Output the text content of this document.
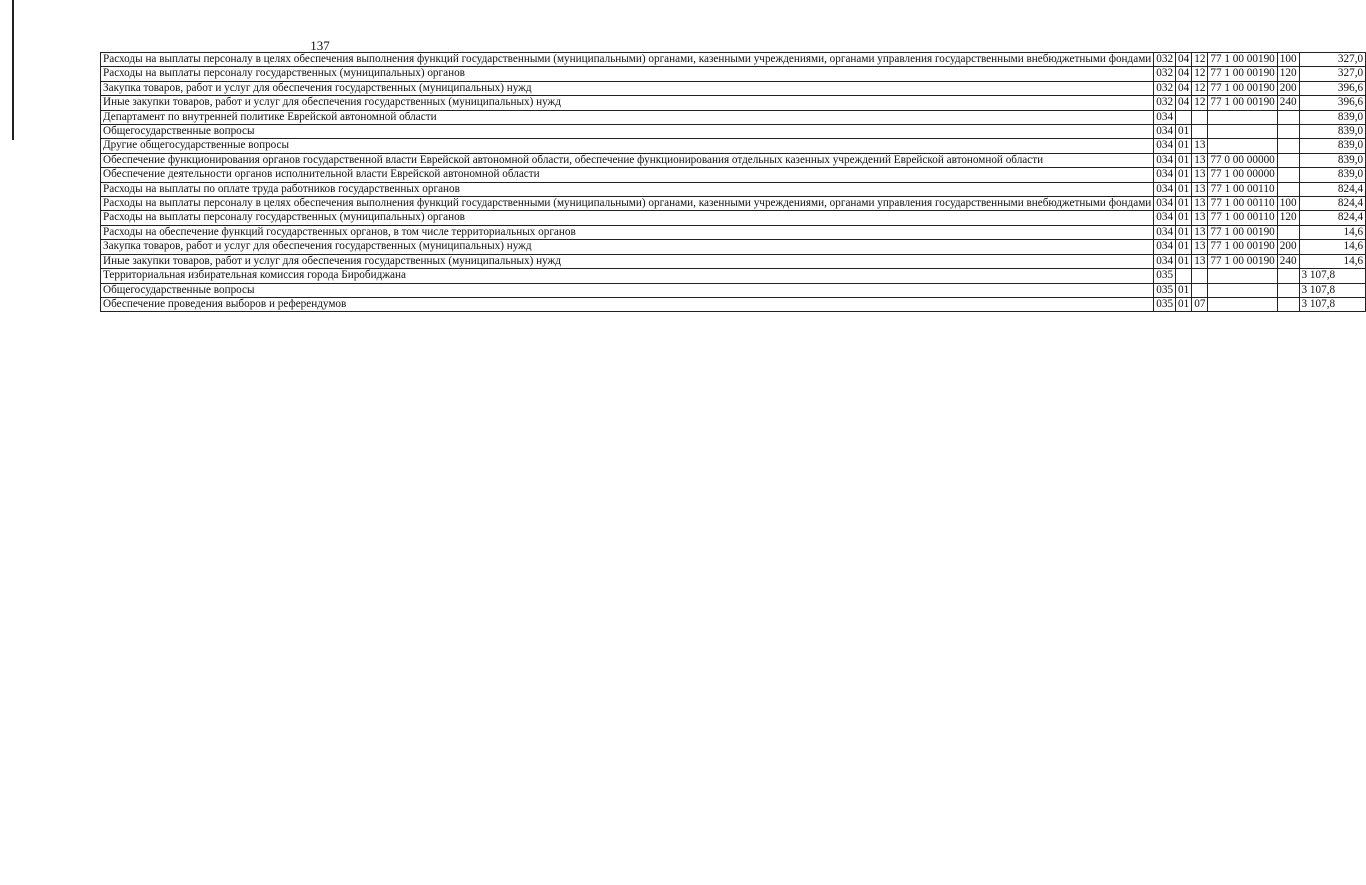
137
Расходы на выплаты персоналу в целях обеспечения выполнения функций государственными (муниципальными) органами, казенными учреждениями, органами управления государственными внебюджетными фондами	032	04	12	77 1 00 00190	100	327,0
Расходы на выплаты персоналу государственных (муниципальных) органов	032	04	12	77 1 00 00190	120	327,0
Закупка товаров, работ и услуг для обеспечения государственных (муниципальных) нужд	032	04	12	77 1 00 00190	200	396,6
Иные закупки товаров, работ и услуг для обеспечения государственных (муниципальных) нужд	032	04	12	77 1 00 00190	240	396,6
Департамент по внутренней политике Еврейской автономной области	034					839,0
Общегосударственные вопросы	034	01				839,0
Другие общегосударственные вопросы	034	01	13			839,0
Обеспечение функционирования органов государственной власти Еврейской автономной области, обеспечение функционирования отдельных казенных учреждений Еврейской автономной области	034	01	13	77 0 00 00000		839,0
Обеспечение деятельности органов исполнительной власти Еврейской автономной области	034	01	13	77 1 00 00000		839,0
Расходы на выплаты по оплате труда работников государственных органов	034	01	13	77 1 00 00110		824,4
Расходы на выплаты персоналу в целях обеспечения выполнения функций государственными (муниципальными) органами, казенными учреждениями, органами управления государственными внебюджетными фондами	034	01	13	77 1 00 00110	100	824,4
Расходы на выплаты персоналу государственных (муниципальных) органов	034	01	13	77 1 00 00110	120	824,4
Расходы на обеспечение функций государственных органов, в том числе территориальных органов	034	01	13	77 1 00 00190		14,6
Закупка товаров, работ и услуг для обеспечения государственных (муниципальных) нужд	034	01	13	77 1 00 00190	200	14,6
Иные закупки товаров, работ и услуг для обеспечения государственных (муниципальных) нужд	034	01	13	77 1 00 00190	240	14,6
Территориальная избирательная комиссия города Биробиджана	035					3 107,8
Общегосударственные вопросы	035	01				3 107,8
Обеспечение проведения выборов и референдумов	035	01	07			3 107,8
